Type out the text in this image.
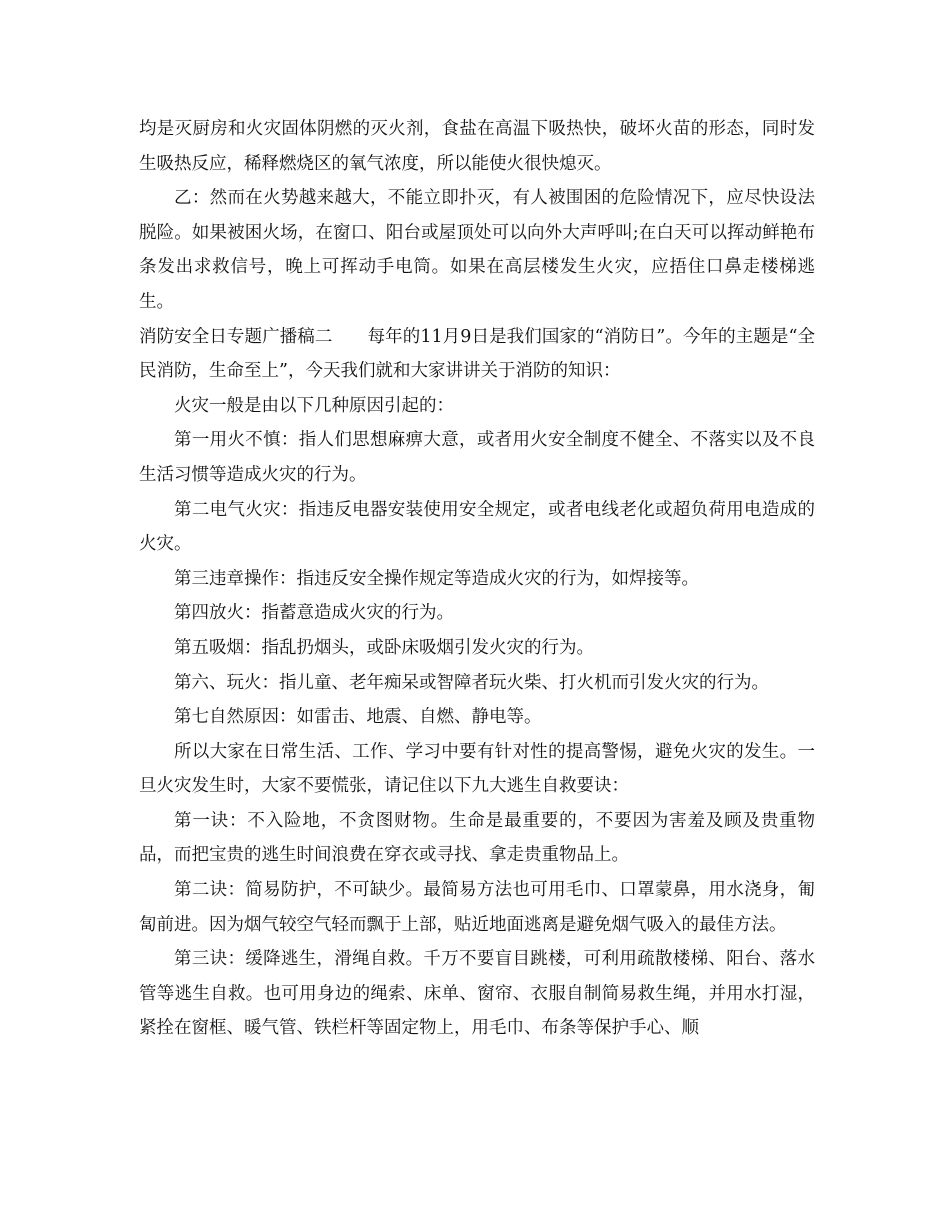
均是灭厨房和火灾固体阴燃的灭火剂，食盐在高温下吸热快，破坏火苗的形态，同时发生吸热反应，稀释燃烧区的氧气浓度，所以能使火很快熄灭。

乙：然而在火势越来越大，不能立即扑灭，有人被围困的危险情况下，应尽快设法脱险。如果被困火场，在窗口、阳台或屋顶处可以向外大声呼叫;在白天可以挥动鲜艳布条发出求救信号，晚上可挥动手电筒。如果在高层楼发生火灾，应捂住口鼻走楼梯逃生。

消防安全日专题广播稿二　　每年的11月9日是我们国家的“消防日”。今年的主题是“全民消防，生命至上”，今天我们就和大家讲讲关于消防的知识：

火灾一般是由以下几种原因引起的：

第一用火不慎：指人们思想麻痹大意，或者用火安全制度不健全、不落实以及不良生活习惯等造成火灾的行为。

第二电气火灾：指违反电器安装使用安全规定，或者电线老化或超负荷用电造成的火灾。

第三违章操作：指违反安全操作规定等造成火灾的行为，如焊接等。

第四放火：指蓄意造成火灾的行为。

第五吸烟：指乱扔烟头，或卧床吸烟引发火灾的行为。

第六、玩火：指儿童、老年痴呆或智障者玩火柴、打火机而引发火灾的行为。

第七自然原因：如雷击、地震、自燃、静电等。

所以大家在日常生活、工作、学习中要有针对性的提高警惕，避免火灾的发生。一旦火灾发生时，大家不要慌张，请记住以下九大逃生自救要诀：

第一诀：不入险地，不贪图财物。生命是最重要的，不要因为害羞及顾及贵重物品，而把宝贵的逃生时间浪费在穿衣或寻找、拿走贵重物品上。

第二诀：简易防护，不可缺少。最简易方法也可用毛巾、口罩蒙鼻，用水浇身，匍匐前进。因为烟气较空气轻而飘于上部，贴近地面逃离是避免烟气吸入的最佳方法。

第三诀：缓降逃生，滑绳自救。千万不要盲目跳楼，可利用疏散楼梯、阳台、落水管等逃生自救。也可用身边的绳索、床单、窗帘、衣服自制简易救生绳，并用水打湿，紧拴在窗框、暖气管、铁栏杆等固定物上，用毛巾、布条等保护手心、顺
